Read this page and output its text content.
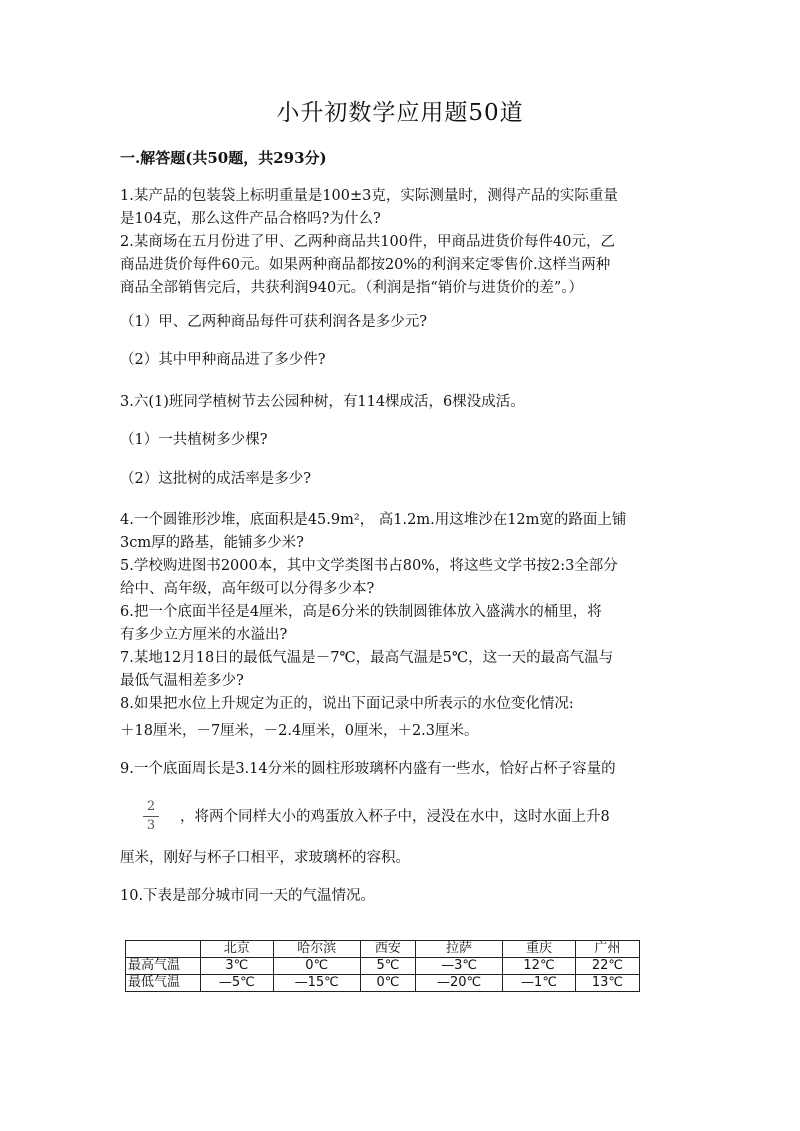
小升初数学应用题50道
一.解答题(共50题，共293分)
1.某产品的包装袋上标明重量是100±3克，实际测量时，测得产品的实际重量
是104克，那么这件产品合格吗?为什么?
2.某商场在五月份进了甲、乙两种商品共100件，甲商品进货价每件40元，乙
商品进货价每件60元。如果两种商品都按20%的利润来定零售价.这样当两种
商品全部销售完后，共获利润940元。（利润是指“销价与进货价的差”。）
（1）甲、乙两种商品每件可获利润各是多少元?
（2）其中甲种商品进了多少件?
3.六(1)班同学植树节去公园种树，有114棵成活，6棵没成活。
（1）一共植树多少棵?
（2）这批树的成活率是多少?
4.一个圆锥形沙堆，底面积是45.9m²， 高1.2m.用这堆沙在12m宽的路面上铺
3cm厚的路基，能铺多少米?
5.学校购进图书2000本，其中文学类图书占80%，将这些文学书按2:3全部分
给中、高年级，高年级可以分得多少本?
6.把一个底面半径是4厘米，高是6分米的铁制圆锥体放入盛满水的桶里，将
有多少立方厘米的水溢出?
7.某地12月18日的最低气温是－7℃，最高气温是5℃，这一天的最高气温与
最低气温相差多少?
8.如果把水位上升规定为正的，说出下面记录中所表示的水位变化情况:
＋18厘米，－7厘米，－2.4厘米，0厘米，＋2.3厘米。
9.一个底面周长是3.14分米的圆柱形玻璃杯内盛有一些水，恰好占杯子容量的
2
3
，将两个同样大小的鸡蛋放入杯子中，浸没在水中，这时水面上升8
厘米，刚好与杯子口相平，求玻璃杯的容积。
10.下表是部分城市同一天的气温情况。
	北京	哈尔滨	西安	拉萨	重庆	广州
最高气温	3℃	0℃	5℃	—3℃	12℃	22℃
最低气温	—5℃	—15℃	0℃	—20℃	—1℃	13℃
